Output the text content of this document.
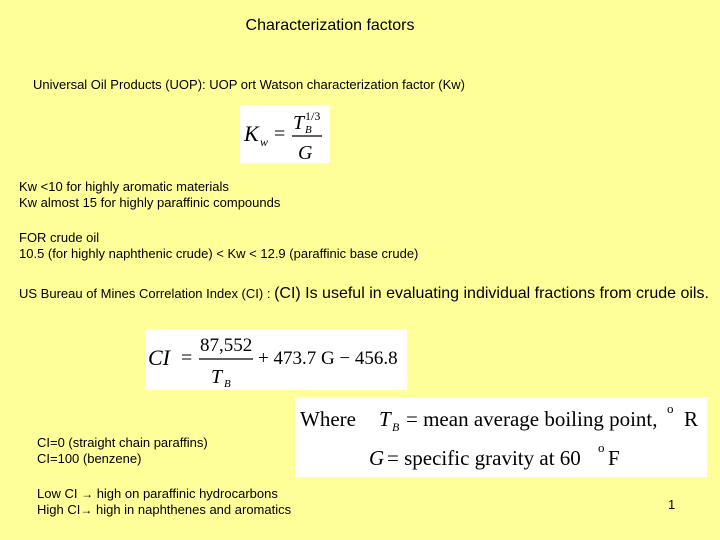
Characterization factors
Universal Oil Products (UOP): UOP ort Watson characterization factor (Kw)
K w = T B
1/3
G
Kw <10 for highly aromatic materials
Kw almost 15 for highly paraffinic compounds
FOR crude oil
10.5 (for highly naphthenic crude) < Kw < 12.9 (paraffinic base crude)
US Bureau of Mines Correlation Index (CI) : (CI) Is useful in evaluating individual fractions from crude oils.
CI =
87,552
T B
+ 473.7 G − 456.8
Where T B = mean average boiling point, o R
G = specific gravity at 60 o F
CI=0 (straight chain paraffins)
CI=100 (benzene)
Low CI → high on paraffinic hydrocarbons
High CI→ high in naphthenes and aromatics	1
